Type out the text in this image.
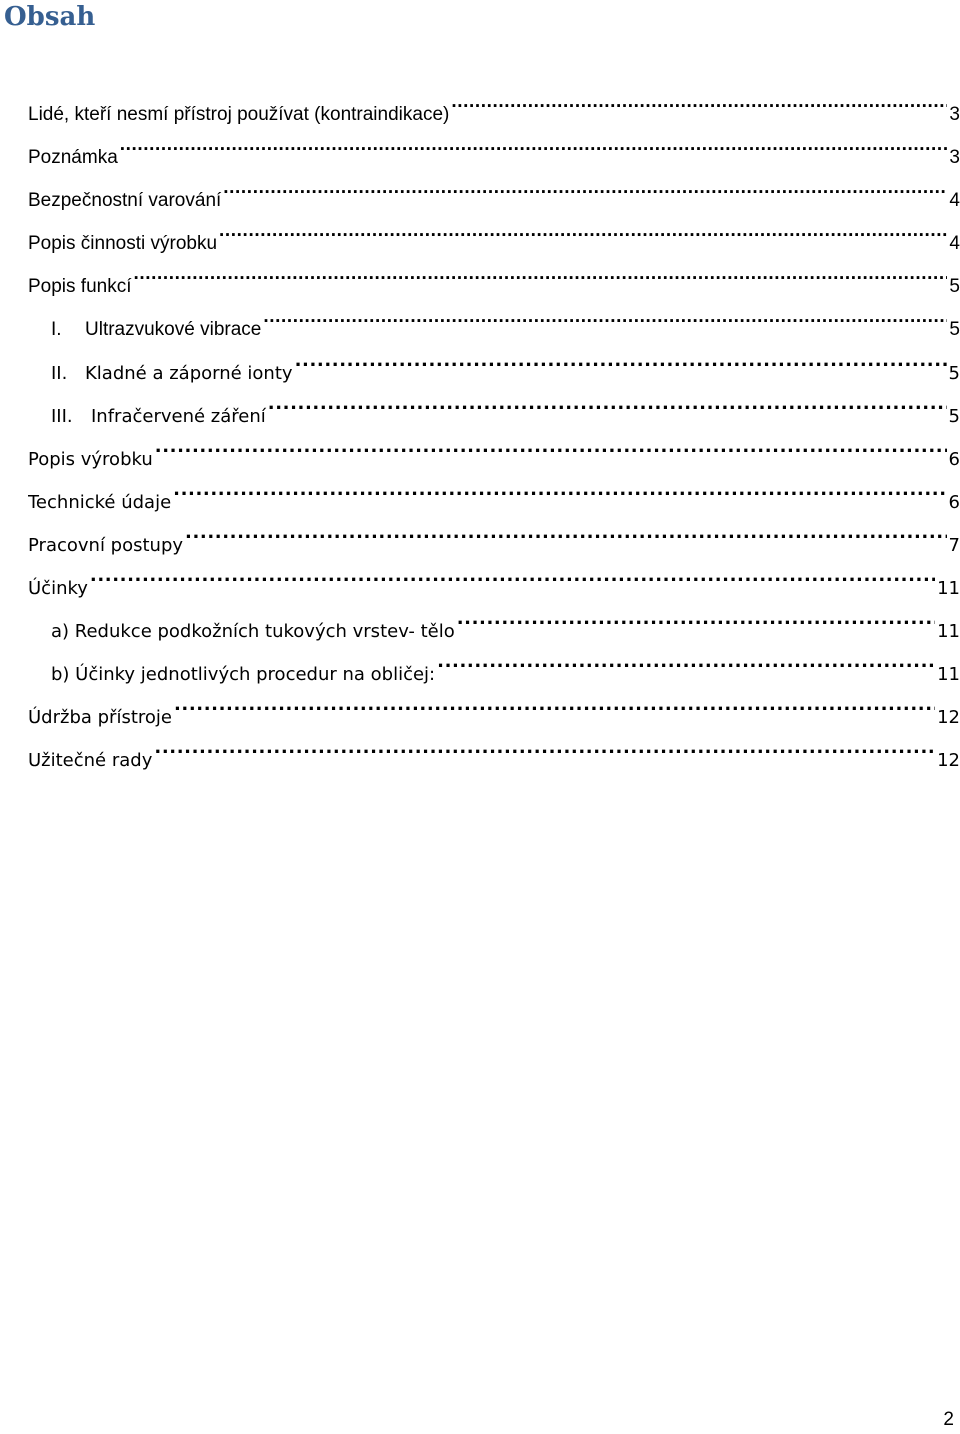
Obsah
Lidé, kteří nesmí přístroj používat (kontraindikace) .....	3
Poznámka .....	3
Bezpečnostní varování .....	4
Popis činnosti výrobku .....	4
Popis funkcí .....	5
I.	Ultrazvukové vibrace .....	5
II. Kladné a záporné ionty .....	5
III.	Infračervené záření .....	5
Popis výrobku .....	6
Technické údaje .....	6
Pracovní postupy .....	7
Účinky .....	11
a) Redukce podkožních tukových vrstev- tělo .....	11
b) Účinky jednotlivých procedur na obličej: .....	11
Údržba přístroje .....	12
Užitečné rady .....	12
2
